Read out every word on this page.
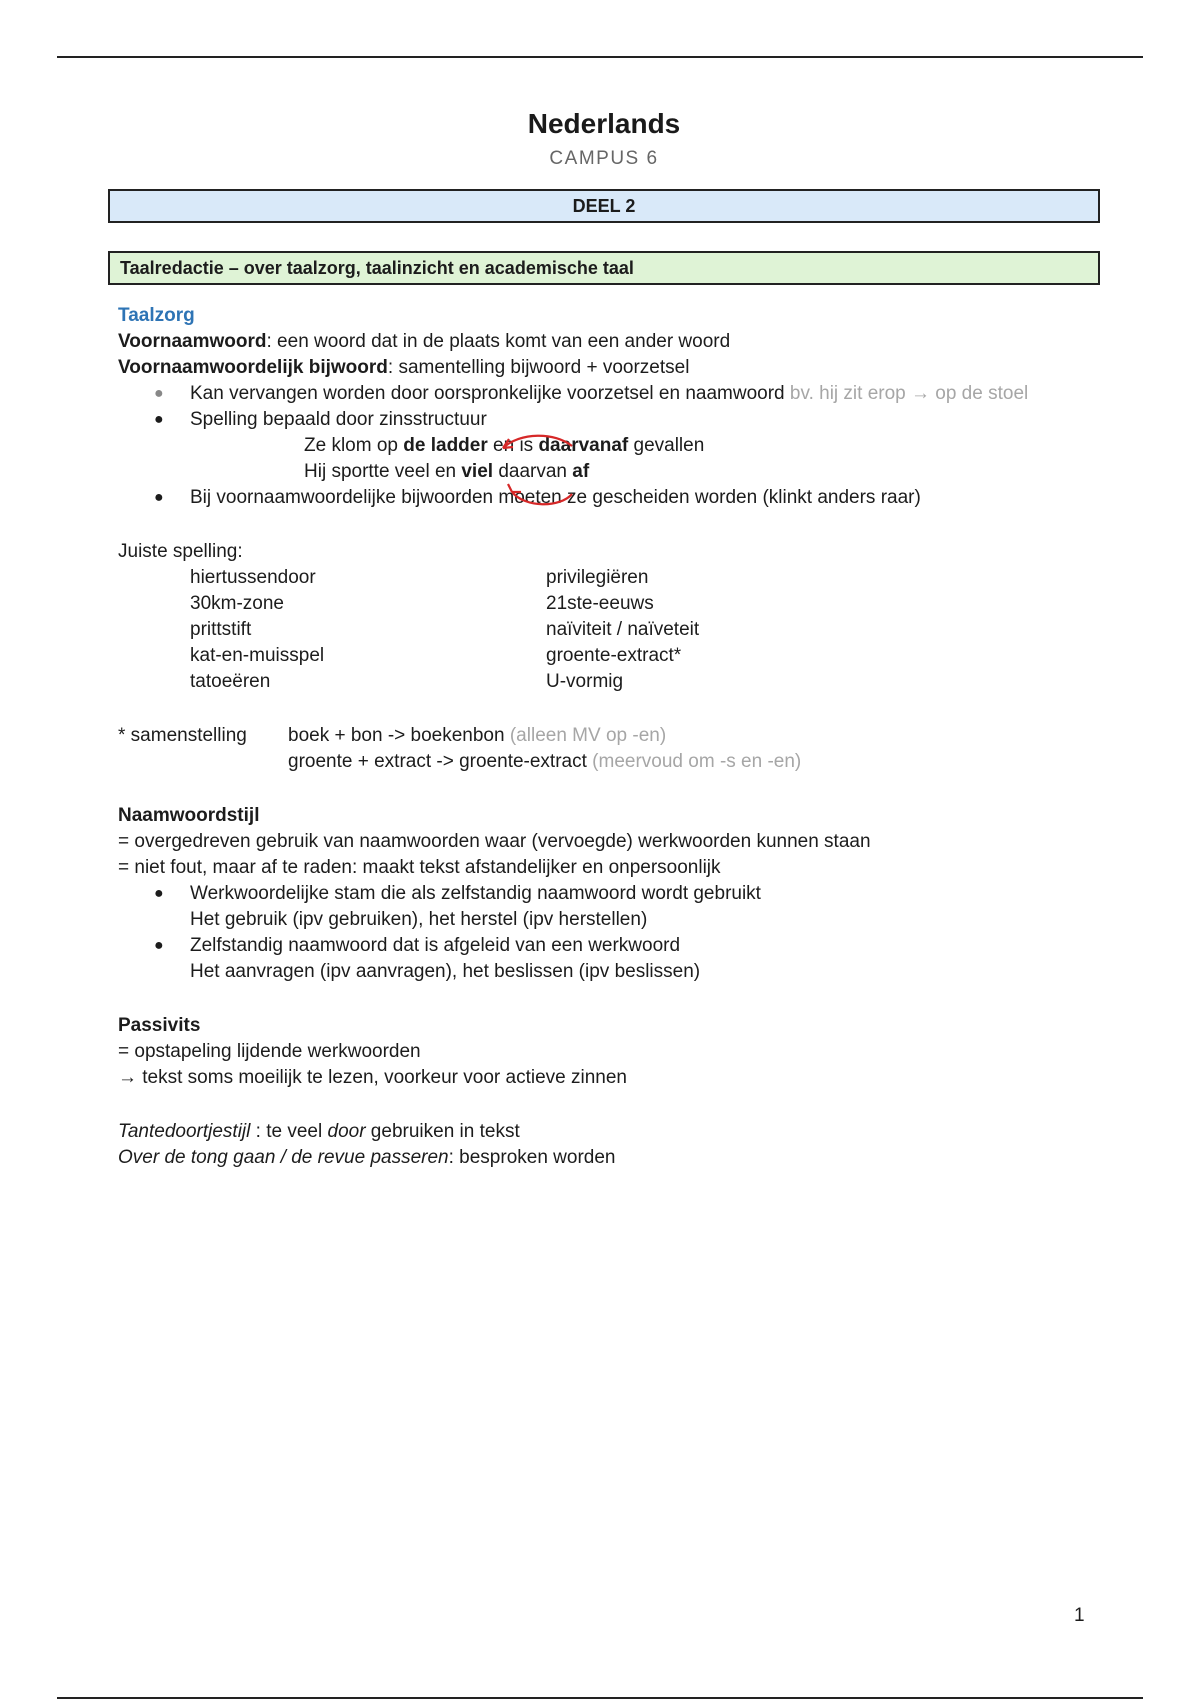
Nederlands
CAMPUS 6
DEEL 2
Taalredactie – over taalzorg, taalinzicht en academische taal
Taalzorg
Voornaamwoord: een woord dat in de plaats komt van een ander woord
Voornaamwoordelijk bijwoord: samentelling bijwoord + voorzetsel
● Kan vervangen worden door oorspronkelijke voorzetsel en naamwoord bv. hij zit erop → op de stoel
● Spelling bepaald door zinsstructuur
Ze klom op de ladder en is daarvanaf gevallen
Hij sportte veel en viel daarvan af
● Bij voornaamwoordelijke bijwoorden moeten ze gescheiden worden (klinkt anders raar)
Juiste spelling:
hiertussendoor
30km-zone
prittstift
kat-en-muisspel
tatoeëren
privilegiëren
21ste-eeuws
naïviteit / naïveteit
groente-extract*
U-vormig
* samenstelling	boek + bon -> boekenbon
(alleen MV op -en)
groente + extract -> groente-extract
(meervoud om -s en -en)
Naamwoordstijl
= overgedreven gebruik van naamwoorden waar (vervoegde) werkwoorden kunnen staan
= niet fout, maar af te raden: maakt tekst afstandelijker en onpersoonlijk
● Werkwoordelijke stam die als zelfstandig naamwoord wordt gebruikt
Het gebruik (ipv gebruiken), het herstel (ipv herstellen)
● Zelfstandig naamwoord dat is afgeleid van een werkwoord
Het aanvragen (ipv aanvragen), het beslissen (ipv beslissen)
Passivits
= opstapeling lijdende werkwoorden
→ tekst soms moeilijk te lezen, voorkeur voor actieve zinnen
Tantedoortjestijl : te veel door gebruiken in tekst
Over de tong gaan / de revue passeren: besproken worden
1
